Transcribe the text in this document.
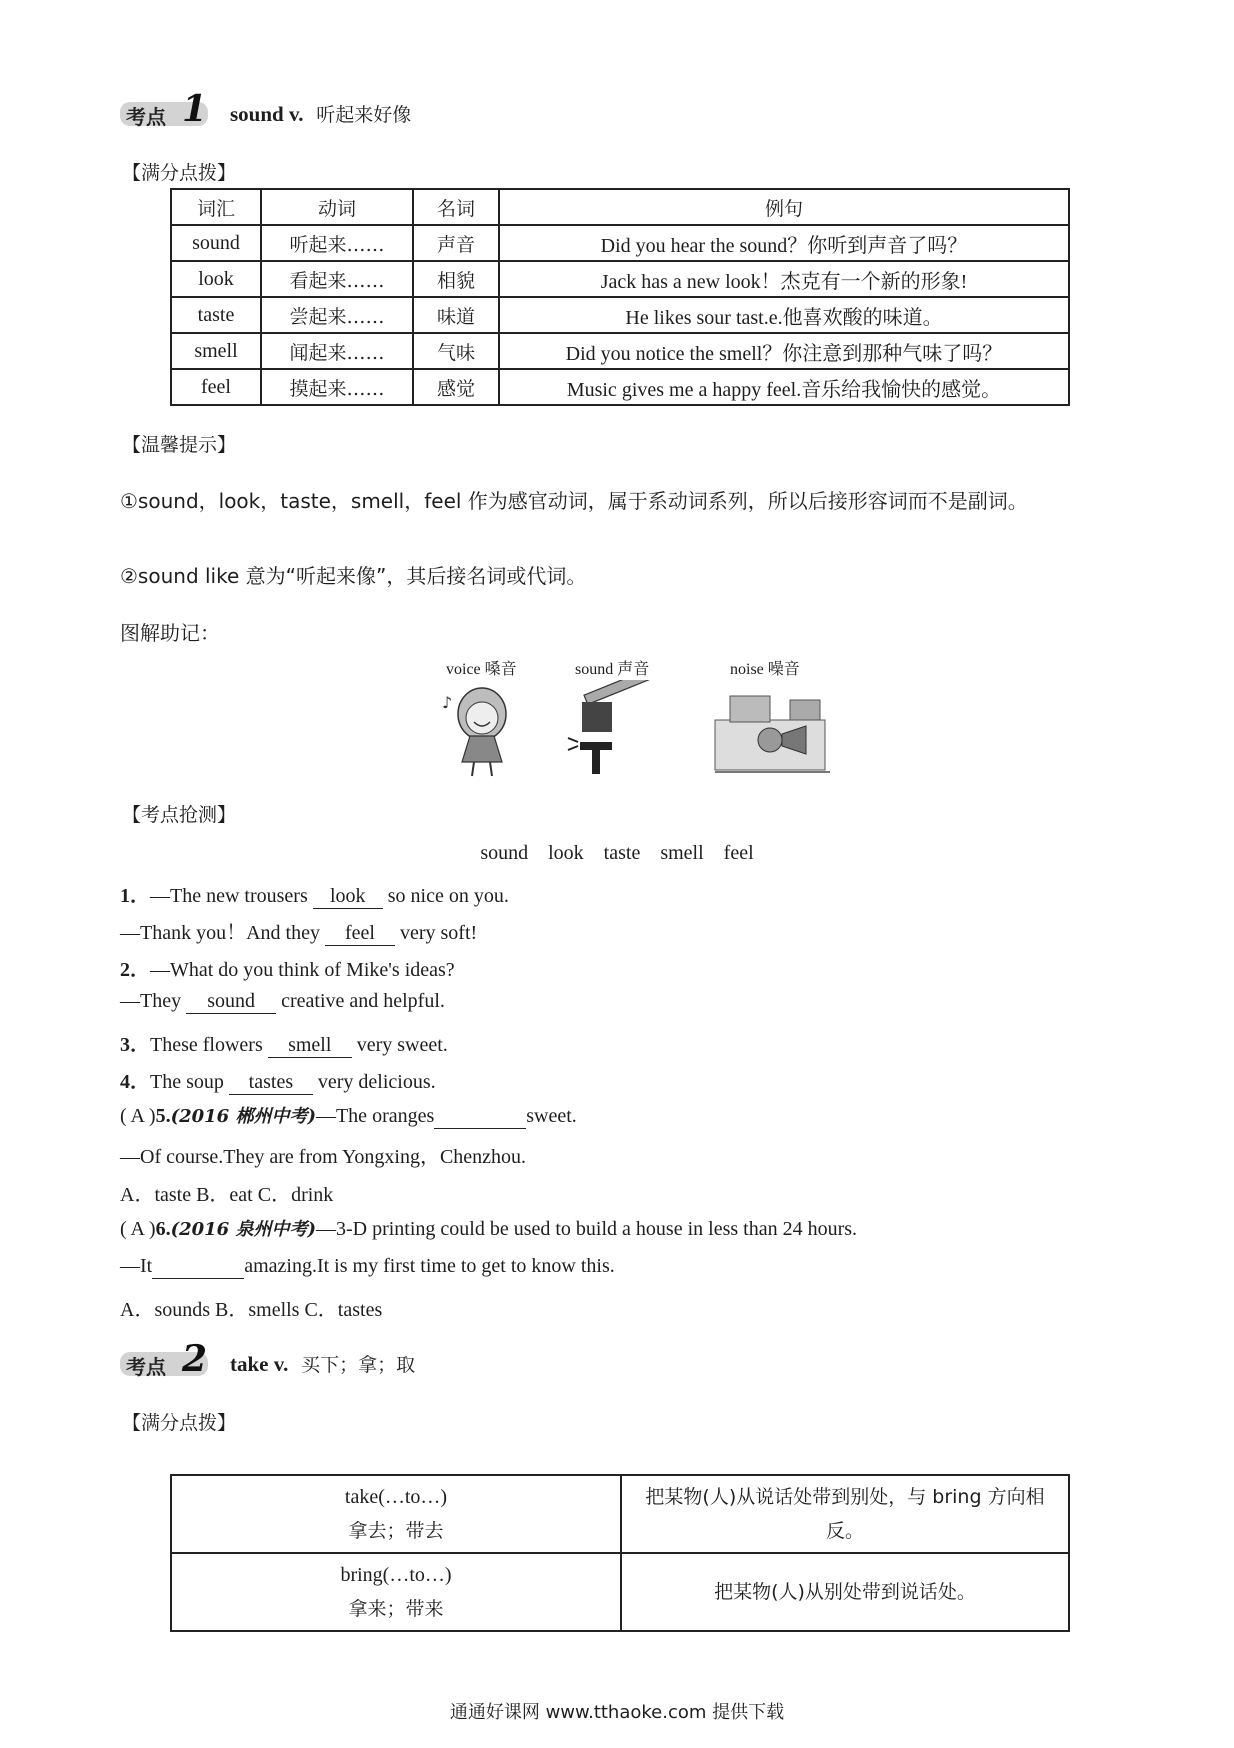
考点 1 sound v. 听起来好像
【满分点拨】
词汇	动词	名词	例句
sound	听起来……	声音	Did you hear the sound？你听到声音了吗？
look	看起来……	相貌	Jack has a new look！杰克有一个新的形象!
taste	尝起来……	味道	He likes sour tast.e.他喜欢酸的味道。
smell	闻起来……	气味	Did you notice the smell？你注意到那种气味了吗？
feel	摸起来……	感觉	Music gives me a happy feel.音乐给我愉快的感觉。
【温馨提示】
①sound，look，taste，smell，feel 作为感官动词，属于系动词系列，所以后接形容词而不是副词。
②sound like 意为“听起来像”，其后接名词或代词。
图解助记：
voice 嗓音	sound 声音	noise 噪音
♪
【考点抢测】
sound    look    taste    smell    feel
1．—The new trousers look so nice on you.
—Thank you！And they feel very soft!
2．—What do you think of Mike's ideas?
—They sound creative and helpful.
3．These flowers smell very sweet.
4．The soup tastes very delicious.
( A )5.(2016 郴州中考)—The oranges	sweet.
—Of course.They are from Yongxing，Chenzhou.
A．taste B．eat C．drink
( A )6.(2016 泉州中考)—3-D printing could be used to build a house in less than 24 hours.
—It	amazing.It is my first time to get to know this.
A．sounds B．smells C．tastes
考点 2 take v. 买下；拿；取
【满分点拨】
take(…to…)
拿去；带去	把某物(人)从说话处带到别处，与 bring 方向相反。

bring(…to…)
拿来；带来	把某物(人)从别处带到说话处。
通通好课网 www.tthaoke.com 提供下载
